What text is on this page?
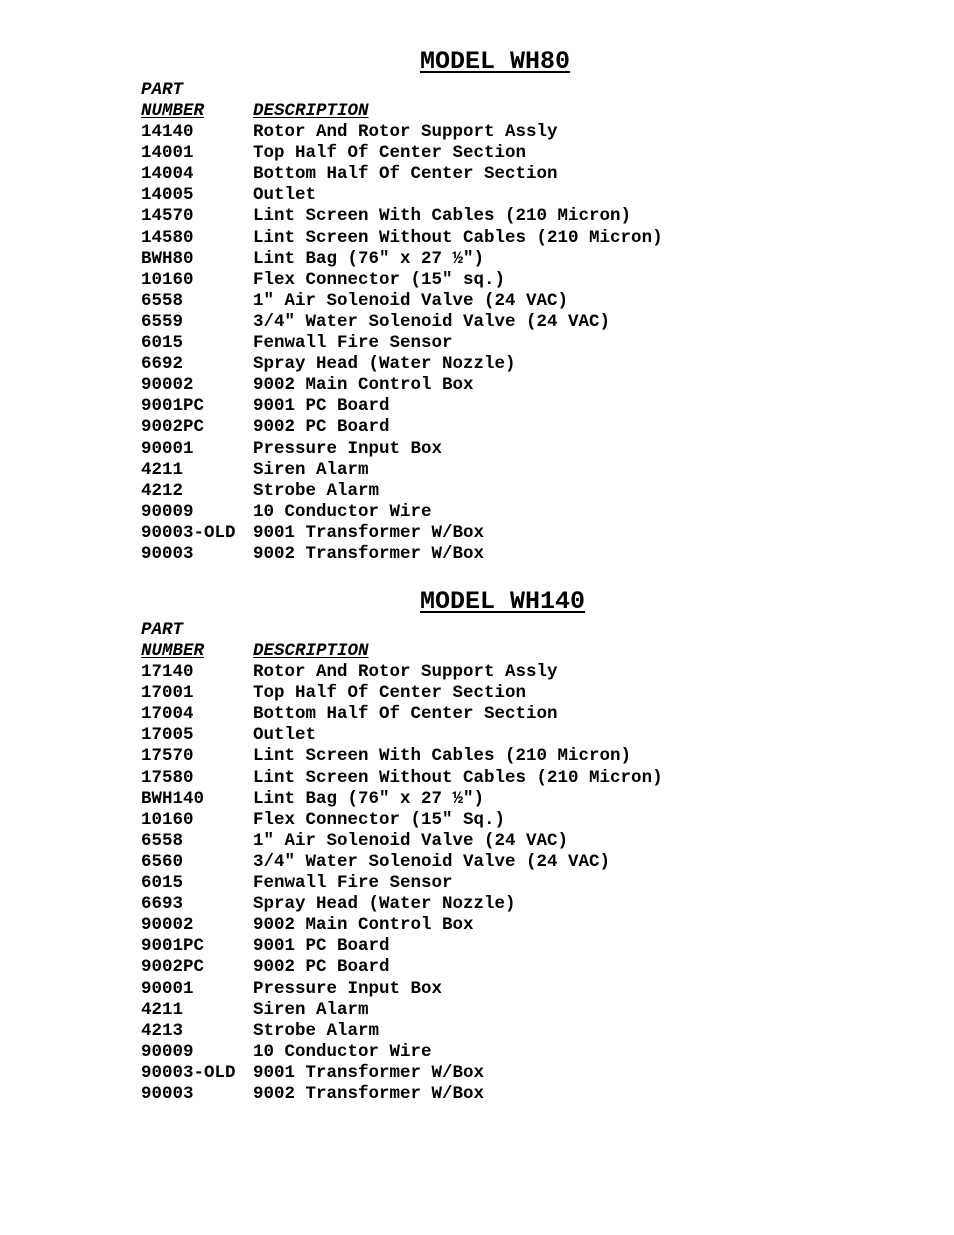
MODEL WH80
PART
NUMBER	DESCRIPTION
14140	Rotor And Rotor Support Assly
14001	Top Half Of Center Section
14004	Bottom Half Of Center Section
14005	Outlet
14570	Lint Screen With Cables (210 Micron)
14580	Lint Screen Without Cables (210 Micron)
BWH80	Lint Bag (76″ x 27 ½″)
10160	Flex Connector (15″ sq.)
6558	1″ Air Solenoid Valve (24 VAC)
6559	3/4" Water Solenoid Valve (24 VAC)
6015	Fenwall Fire Sensor
6692	Spray Head (Water Nozzle)
90002	9002 Main Control Box
9001PC	9001 PC Board
9002PC	9002 PC Board
90001	Pressure Input Box
4211	Siren Alarm
4212	Strobe Alarm
90009	10 Conductor Wire
90003-OLD 9001 Transformer W/Box
90003	9002 Transformer W/Box
MODEL WH140
PART
NUMBER	DESCRIPTION
17140	Rotor And Rotor Support Assly
17001	Top Half Of Center Section
17004	Bottom Half Of Center Section
17005	Outlet
17570	Lint Screen With Cables (210 Micron)
17580	Lint Screen Without Cables (210 Micron)
BWH140	Lint Bag (76″ x 27 ½″)
10160	Flex Connector (15″ Sq.)
6558	1″ Air Solenoid Valve (24 VAC)
6560	3/4" Water Solenoid Valve (24 VAC)
6015	Fenwall Fire Sensor
6693	Spray Head (Water Nozzle)
90002	9002 Main Control Box
9001PC	9001 PC Board
9002PC	9002 PC Board
90001	Pressure Input Box
4211	Siren Alarm
4213	Strobe Alarm
90009	10 Conductor Wire
90003-OLD 9001 Transformer W/Box
90003	9002 Transformer W/Box
